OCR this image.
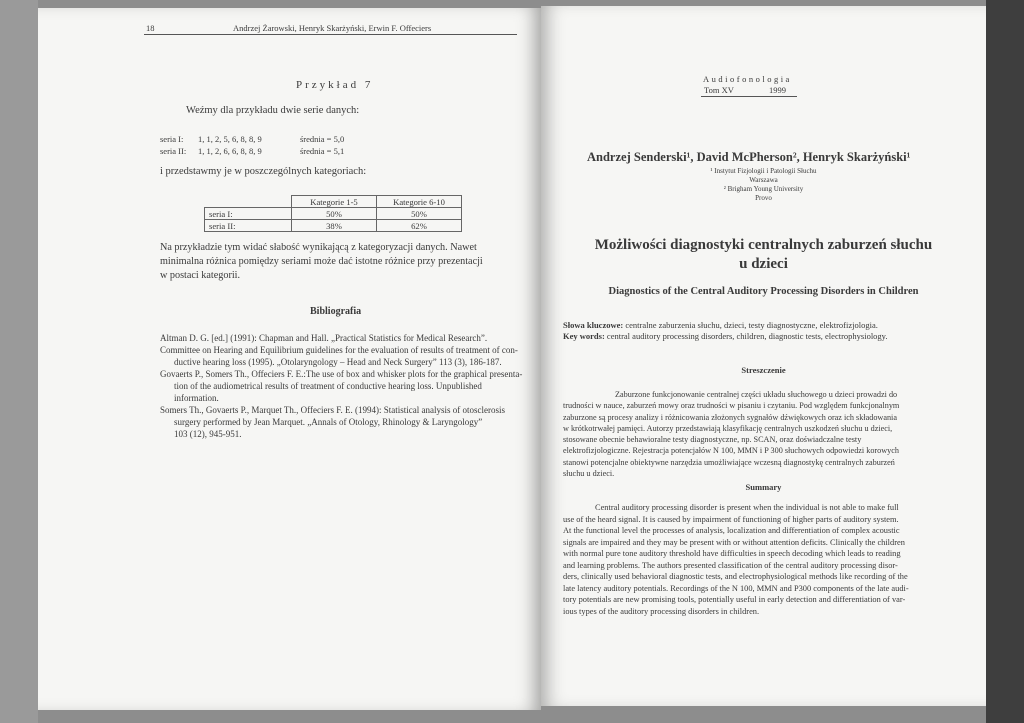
18	Andrzej Żarowski, Henryk Skarżyński, Erwin F. Offeciers
Przykład 7
Weźmy dla przykładu dwie serie danych:
seria I: 1, 1, 2, 5, 6, 8, 8, 9	średnia = 5,0
seria II: 1, 1, 2, 6, 6, 8, 8, 9	średnia = 5,1
i przedstawmy je w poszczególnych kategoriach:
	Kategorie 1-5	Kategorie 6-10
seria I:	50%	50%
seria II:	38%	62%
Na przykładzie tym widać słabość wynikającą z kategoryzacji danych. Nawet
minimalna różnica pomiędzy seriami może dać istotne różnice przy prezentacji
w postaci kategorii.
Bibliografia
Altman D. G. [ed.] (1991): Chapman and Hall. „Practical Statistics for Medical Research”.
Committee on Hearing and Equilibrium guidelines for the evaluation of results of treatment of con-
ductive hearing loss (1995). „Otolaryngology – Head and Neck Surgery” 113 (3), 186-187.
Govaerts P., Somers Th., Offeciers F. E.:The use of box and whisker plots for the graphical presenta-
tion of the audiometrical results of treatment of conductive hearing loss. Unpublished
information.
Somers Th., Govaerts P., Marquet Th., Offeciers F. E. (1994): Statistical analysis of otosclerosis
surgery performed by Jean Marquet. „Annals of Otology, Rhinology & Laryngology”
103 (12), 945-951.
Audiofonologia
Tom XV	1999
Andrzej Senderski¹, David McPherson², Henryk Skarżyński¹
¹ Instytut Fizjologii i Patologii Słuchu
Warszawa
² Brigham Young University
Provo
Możliwości diagnostyki centralnych zaburzeń słuchu
u dzieci
Diagnostics of the Central Auditory Processing Disorders in Children
Słowa kluczowe: centralne zaburzenia słuchu, dzieci, testy diagnostyczne, elektrofizjologia.
Key words: central auditory processing disorders, children, diagnostic tests, electrophysiology.
Streszczenie
Zaburzone funkcjonowanie centralnej części układu słuchowego u dzieci prowadzi do
trudności w nauce, zaburzeń mowy oraz trudności w pisaniu i czytaniu. Pod względem funkcjonalnym
zaburzone są procesy analizy i różnicowania złożonych sygnałów dźwiękowych oraz ich składowania
w krótkotrwałej pamięci. Autorzy przedstawiają klasyfikację centralnych uszkodzeń słuchu u dzieci,
stosowane obecnie behawioralne testy diagnostyczne, np. SCAN, oraz doświadczalne testy
elektrofizjologiczne. Rejestracja potencjałów N 100, MMN i P 300 słuchowych odpowiedzi korowych
stanowi potencjalne obiektywne narzędzia umożliwiające wczesną diagnostykę centralnych zaburzeń
słuchu u dzieci.
Summary
Central auditory processing disorder is present when the individual is not able to make full
use of the heard signal. It is caused by impairment of functioning of higher parts of auditory system.
At the functional level the processes of analysis, localization and differentiation of complex acoustic
signals are impaired and they may be present with or without attention deficits. Clinically the children
with normal pure tone auditory threshold have difficulties in speech decoding which leads to reading
and learning problems. The authors presented classification of the central auditory processing disor-
ders, clinically used behavioral diagnostic tests, and electrophysiological methods like recording of the
late latency auditory potentials. Recordings of the N 100, MMN and P300 components of the late audi-
tory potentials are new promising tools, potentially useful in early detection and differentiation of var-
ious types of the auditory processing disorders in children.
